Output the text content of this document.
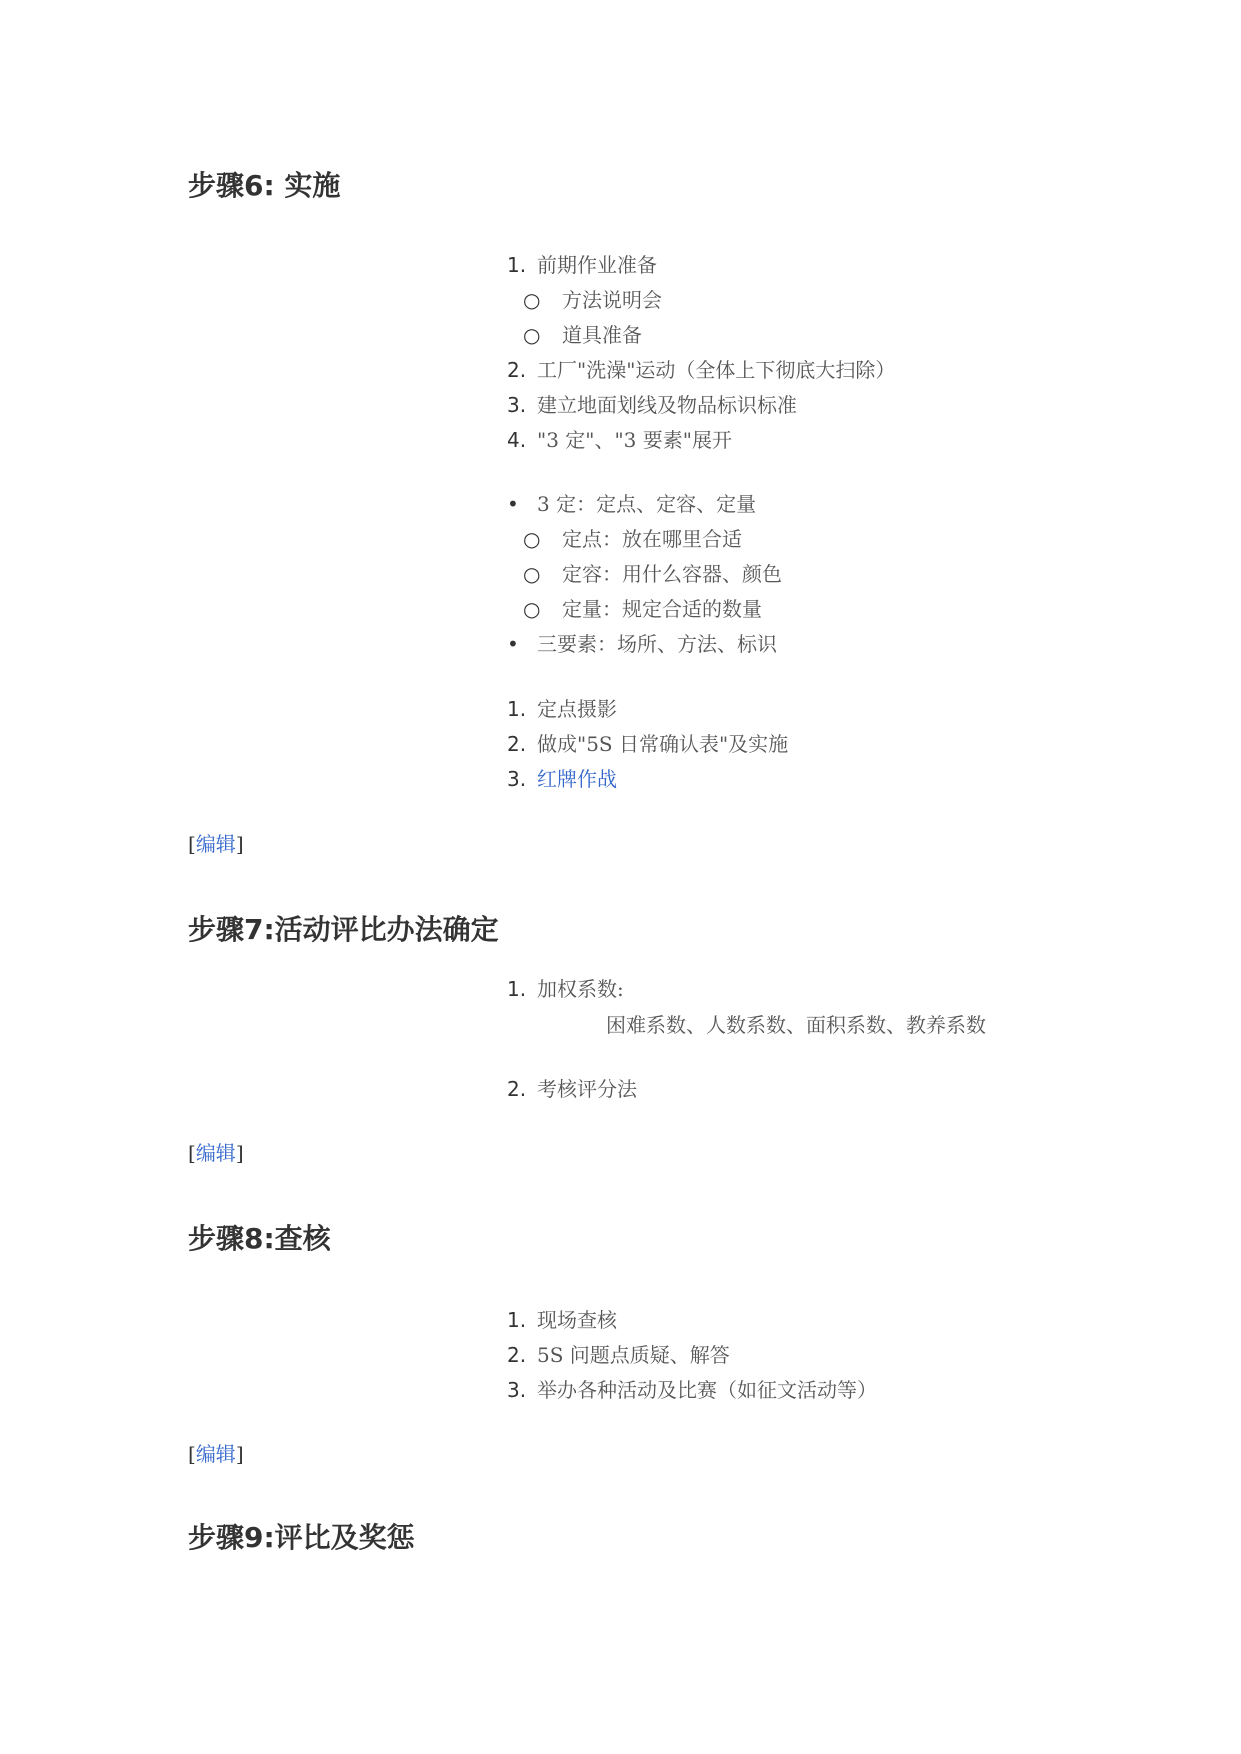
步骤6: 实施
1. 前期作业准备
○ 方法说明会
○ 道具准备
2. 工厂"洗澡"运动（全体上下彻底大扫除）
3. 建立地面划线及物品标识标准
4. "3 定"、"3 要素"展开
• 3 定：定点、定容、定量
○ 定点：放在哪里合适
○ 定容：用什么容器、颜色
○ 定量：规定合适的数量
• 三要素：场所、方法、标识
1. 定点摄影
2. 做成"5S 日常确认表"及实施
3. 红牌作战
[编辑]
步骤7:活动评比办法确定
1. 加权系数:
困难系数、人数系数、面积系数、教养系数
2. 考核评分法
[编辑]
步骤8:查核
1. 现场查核
2. 5S 问题点质疑、解答
3. 举办各种活动及比赛（如征文活动等）
[编辑]
步骤9:评比及奖惩
